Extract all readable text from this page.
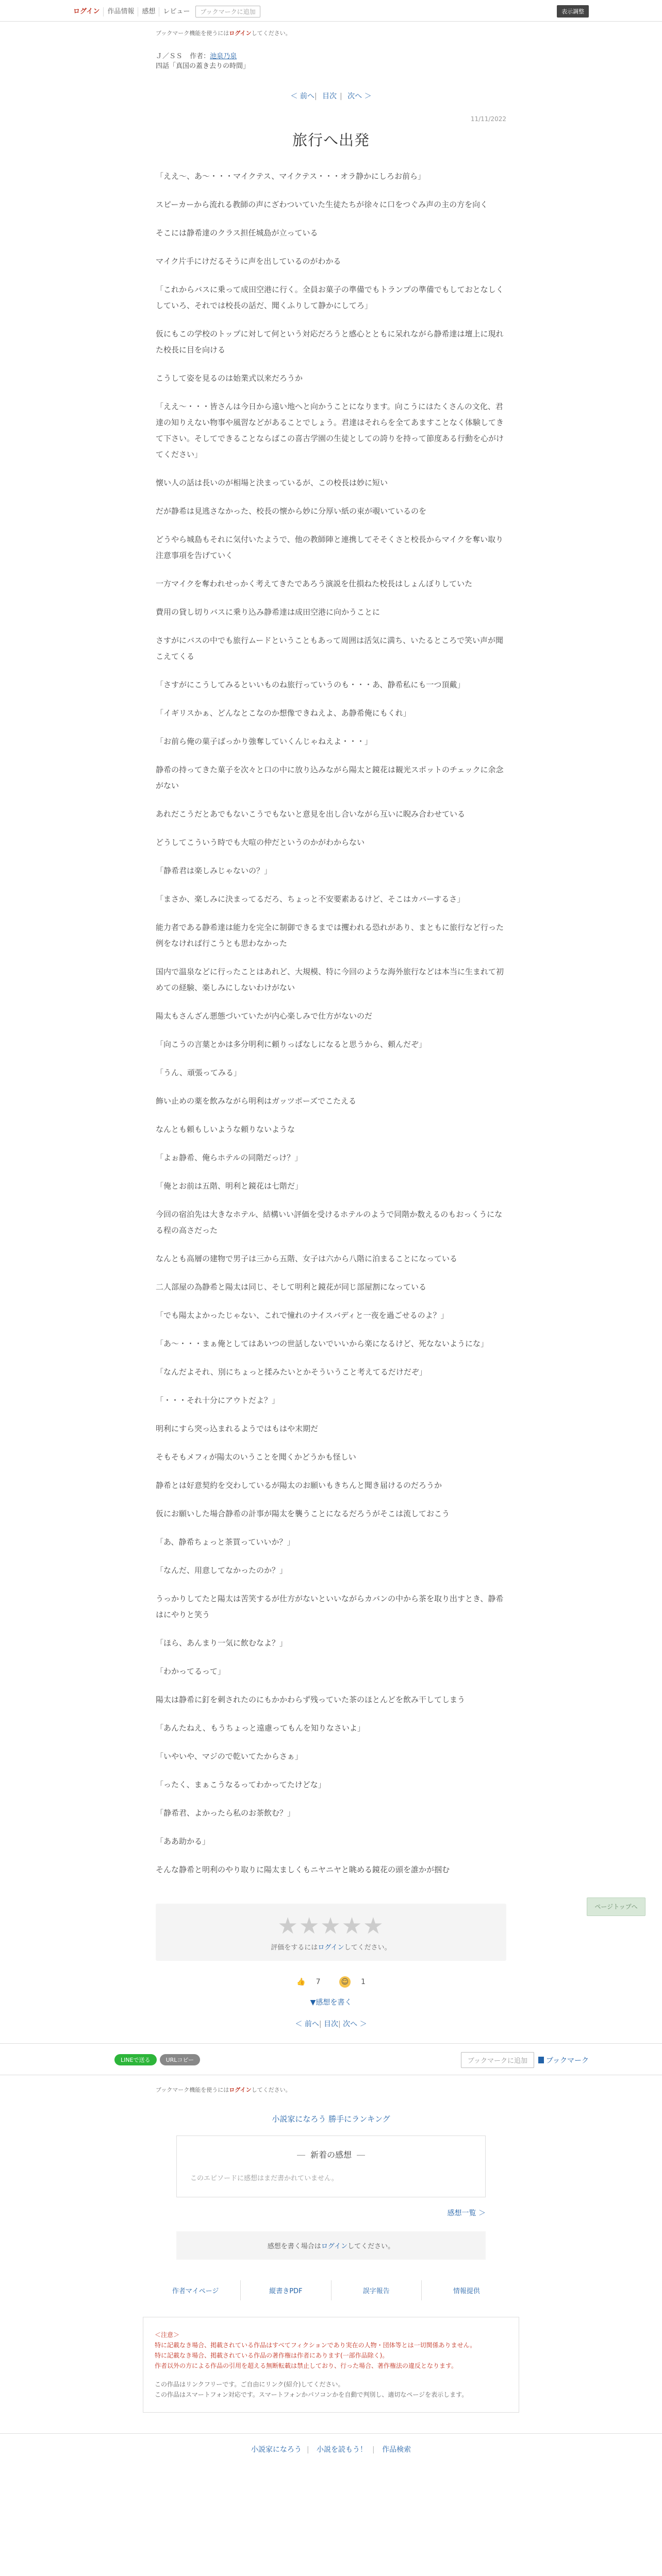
ログイン	作品情報	感想	レビュー	ブックマークに追加	表示調整
ブックマーク機能を使うにはログインしてください。
Ｊ／ＳＳ 作者：池泉乃泉
四話「真国の蓋き去りの時間」
＜ 前へ| 目次 | 次へ ＞
11/11/2022
旅行へ出発

「ええ〜、あ〜・・・マイクテス、マイクテス・・・オラ静かにしろお前ら」

スピーカーから流れる教師の声にざわついていた生徒たちが徐々に口をつぐみ声の主の方を向く

そこには静希達のクラス担任城島が立っている

マイク片手にけだるそうに声を出しているのがわかる

「これからバスに乗って成田空港に行く。全員お菓子の準備でもトランプの準備でもしておとなしくしていろ、それでは校長の話だ、聞くふりして静かにしてろ」

仮にもこの学校のトップに対して何という対応だろうと感心とともに呆れながら静希達は壇上に現れた校長に目を向ける

こうして姿を見るのは始業式以来だろうか

「ええ〜・・・皆さんは今日から遠い地へと向かうことになります。向こうにはたくさんの文化、君達の知りえない物事や風習などがあることでしょう。君達はそれらを全てあますことなく体験してきて下さい。そしてできることならばこの喜古学園の生徒としての誇りを持って節度ある行動を心がけてください」

懐い人の話は長いのが相場と決まっているが、この校長は妙に短い

だが静希は見逃さなかった、校長の懐から妙に分厚い紙の束が覗いているのを

どうやら城島もそれに気付いたようで、他の教師陣と連携してそそくさと校長からマイクを奪い取り注意事項を告げていく

一方マイクを奪われせっかく考えてきたであろう演説を仕損ねた校長はしょんぼりしていた

費用の貸し切りバスに乗り込み静希達は成田空港に向かうことに

さすがにバスの中でも旅行ムードということもあって周囲は活気に満ち、いたるところで笑い声が聞こえてくる

「さすがにこうしてみるといいものね旅行っていうのも・・・あ、静希私にも一つ頂戴」

「イギリスかぁ、どんなとこなのか想像できねえよ、あ静希俺にもくれ」

「お前ら俺の菓子ばっかり強奪していくんじゃねえよ・・・」

静希の持ってきた菓子を次々と口の中に放り込みながら陽太と鏡花は観光スポットのチェックに余念がない

あれだこうだとあでもないこうでもないと意見を出し合いながら互いに睨み合わせている

どうしてこういう時でも大喧の仲だというのかがわからない

「静希君は楽しみじゃないの？」

「まさか、楽しみに決まってるだろ、ちょっと不安要素あるけど、そこはカバーするさ」

能力者である静希達は能力を完全に制御できるまでは攫われる恐れがあり、まともに旅行など行った例をなければ行こうとも思わなかった

国内で温泉などに行ったことはあれど、大規模、特に今回のような海外旅行などは本当に生まれて初めての経験、楽しみにしないわけがない

陽太もさんざん悪態づいていたが内心楽しみで仕方がないのだ

「向こうの言葉とかは多分明利に頼りっぱなしになると思うから、頼んだぞ」

「うん、頑張ってみる」

飾い止めの薬を飲みながら明利はガッツポーズでこたえる

なんとも頼もしいような頼りないような

「よぉ静希、俺らホテルの同階だっけ？」

「俺とお前は五階、明利と鏡花は七階だ」

今回の宿泊先は大きなホテル、結構いい評価を受けるホテルのようで同階か数えるのもおっくうになる程の高さだった

なんとも高層の建物で男子は三から五階、女子は六から八階に泊まることになっている

二人部屋の為静希と陽太は同じ、そして明利と鏡花が同じ部屋割になっている

「でも陽太よかったじゃない、これで憧れのナイスバディと一夜を過ごせるのよ？」

「あ〜・・・まぁ俺としてはあいつの世話しないでいいから楽になるけど、死なないようにな」

「なんだよそれ、別にちょっと揉みたいとかそういうこと考えてるだけだぞ」

「・・・それ十分にアウトだよ？」

明利にすら突っ込まれるようではもはや末期だ

そもそもメフィが陽太のいうことを聞くかどうかも怪しい

静希とは好意契約を交わしているが陽太のお願いもきちんと聞き届けるのだろうか

仮にお願いした場合静希の計事が陽太を襲うことになるだろうがそこは流しておこう

「あ、静希ちょっと茶買っていいか？」

「なんだ、用意してなかったのか？」

うっかりしてたと陽太は苦笑するが仕方がないといいながらカバンの中から茶を取り出すとき、静希はにやりと笑う

「ほら、あんまり一気に飲むなよ？」

「わかってるって」

陽太は静希に釘を刺されたのにもかかわらず残っていた茶のほとんどを飲み干してしまう

「あんたねえ、もうちょっと遠慮ってもんを知りなさいよ」

「いやいや、マジので乾いてたからさぁ」

「ったく、まぁこうなるってわかってたけどな」

「静希君、よかったら私のお茶飲む？」

「ああ助かる」

そんな静希と明利のやり取りに陽太ましくもニヤニヤと眺める鏡花の頭を誰かが掴む

★★★★★
評価をするにはログインしてください。
👍 7
	☺ 1
▼感想を書く
＜ 前へ| 目次| 次へ ＞
LINEで送る	URLコピー	ブックマークに追加	ブックマーク
ブックマーク機能を使うにはログインしてください。
小説家になろう 勝手にランキング
― 新着の感想 ―
このエピソードに感想はまだ書かれていません。
感想一覧 ＞
感想を書く場合はログインしてください。
作者マイページ	縦書きPDF	誤字報告	情報提供
＜注意＞
特に記載なき場合、掲載されている作品はすべてフィクションであり実在の人物・団体等とは一切関係ありません。
特に記載なき場合、掲載されている作品の著作権は作者にあります(一部作品除く)。
作者以外の方による作品の引用を超える無断転載は禁止しており、行った場合、著作権法の違反となります。
この作品はリンクフリーです。ご自由にリンク(紹介)してください。
この作品はスマートフォン対応です。スマートフォンかパソコンかを自動で判別し、適切なページを表示します。
小説家になろう | 小説を読もう！ | 作品検索
ページトップへ
